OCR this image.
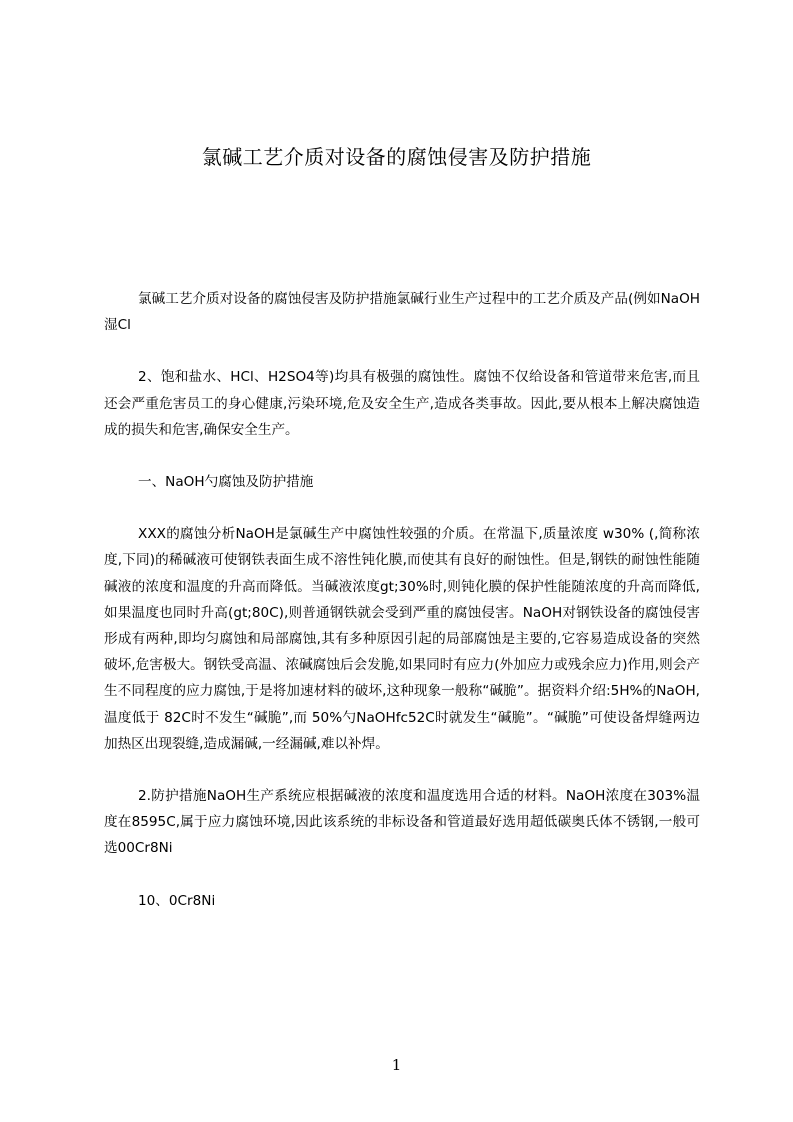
氯碱工艺介质对设备的腐蚀侵害及防护措施

氯碱工艺介质对设备的腐蚀侵害及防护措施氯碱行业生产过程中的工艺介质及产品(例如NaOH湿Cl

2、饱和盐水、HCl、H2SO4等)均具有极强的腐蚀性。腐蚀不仅给设备和管道带来危害,而且还会严重危害员工的身心健康,污染环境,危及安全生产,造成各类事故。因此,要从根本上解决腐蚀造成的损失和危害,确保安全生产。

一、NaOH勺腐蚀及防护措施

XXX的腐蚀分析NaOH是氯碱生产中腐蚀性较强的介质。在常温下,质量浓度 w30% (,简称浓度,下同)的稀碱液可使钢铁表面生成不溶性钝化膜,而使其有良好的耐蚀性。但是,钢铁的耐蚀性能随碱液的浓度和温度的升高而降低。当碱液浓度gt;30%时,则钝化膜的保护性能随浓度的升高而降低,如果温度也同时升高(gt;80C),则普通钢铁就会受到严重的腐蚀侵害。NaOH对钢铁设备的腐蚀侵害形成有两种,即均匀腐蚀和局部腐蚀,其有多种原因引起的局部腐蚀是主要的,它容易造成设备的突然破坏,危害极大。钢铁受高温、浓碱腐蚀后会发脆,如果同时有应力(外加应力或残余应力)作用,则会产生不同程度的应力腐蚀,于是将加速材料的破坏,这种现象一般称“碱脆”。据资料介绍:5H%的NaOH,温度低于 82C时不发生“碱脆”,而 50%勺NaOHfc52C时就发生“碱脆”。“碱脆”可使设备焊缝两边加热区出现裂缝,造成漏碱,一经漏碱,难以补焊。

2.防护措施NaOH生产系统应根据碱液的浓度和温度选用合适的材料。NaOH浓度在303%温度在8595C,属于应力腐蚀环境,因此该系统的非标设备和管道最好选用超低碳奥氏体不锈钢,一般可选00Cr8Ni

10、0Cr8Ni

1
